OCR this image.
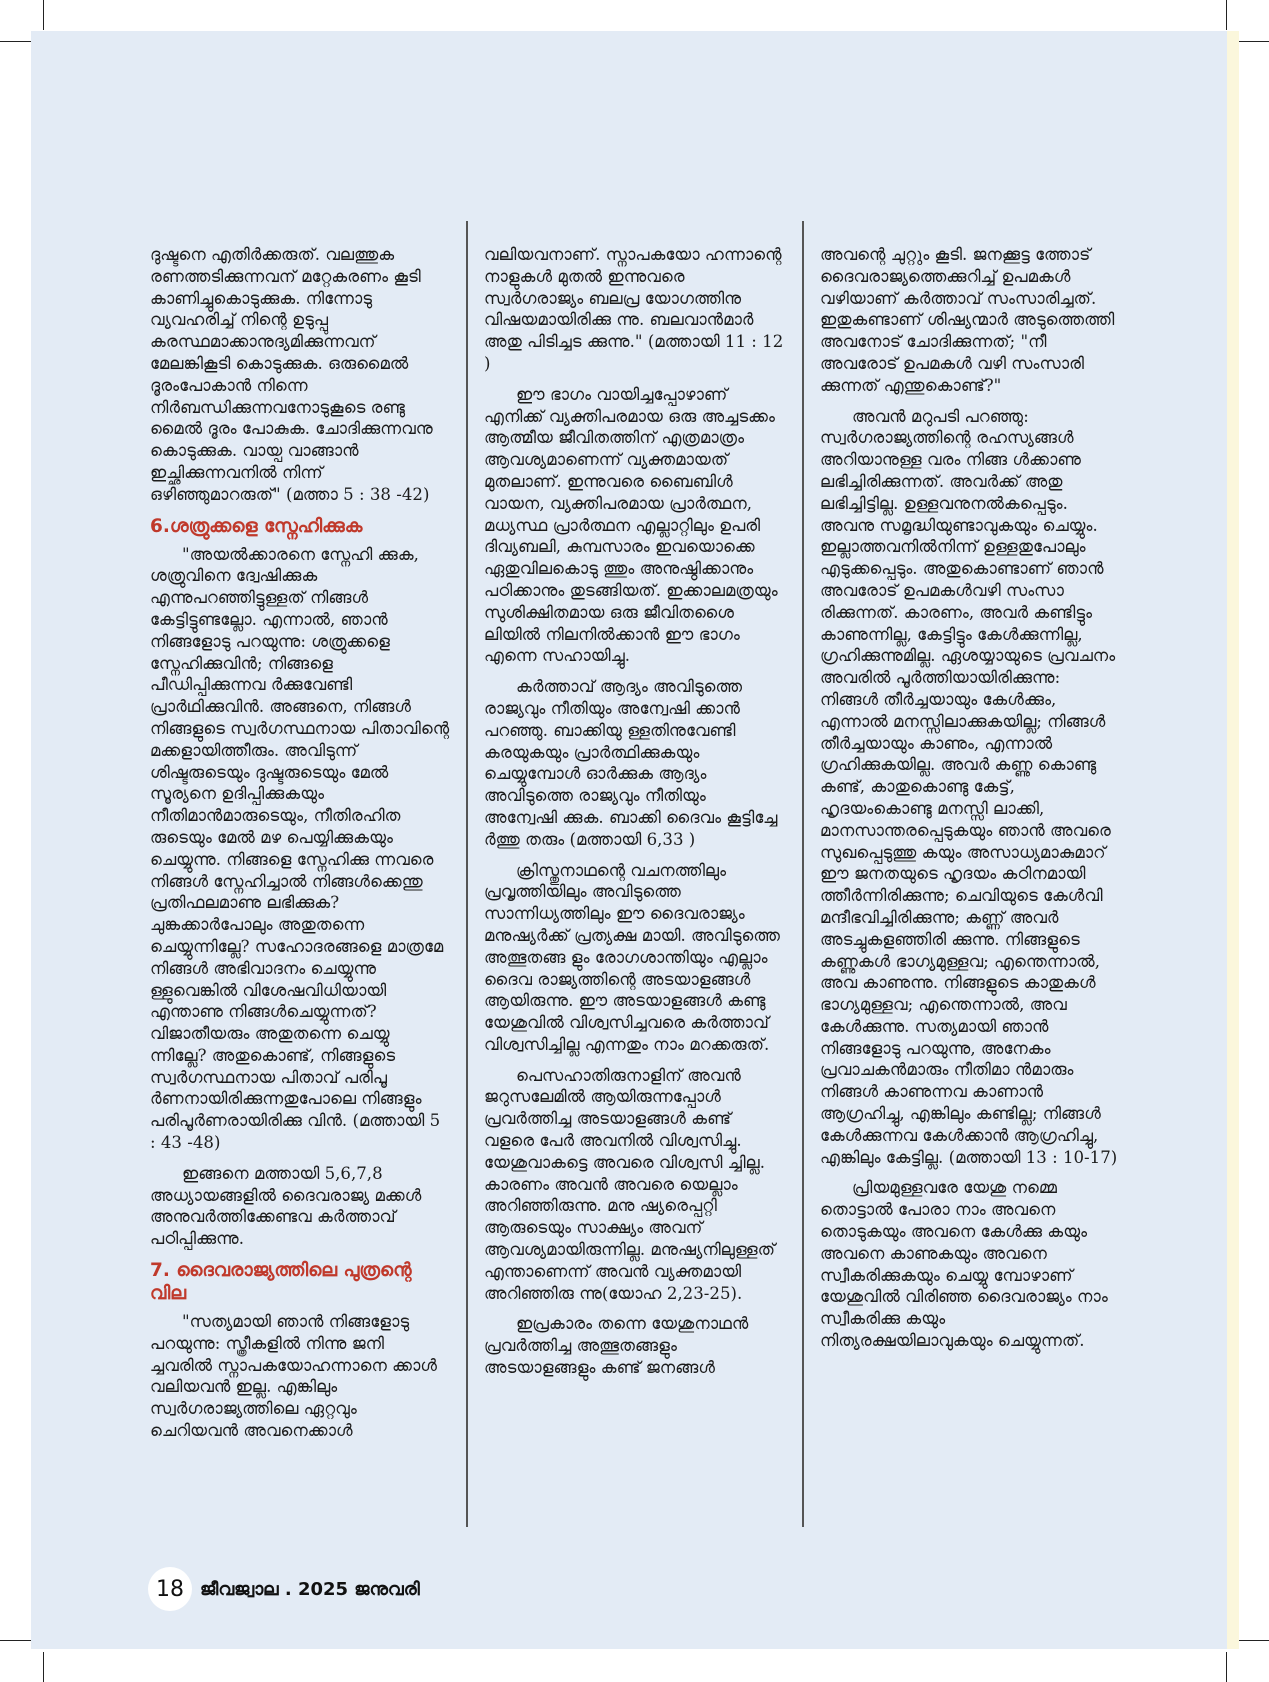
ദുഷ്ടനെ എതിർക്കരുത്. വലത്തുക രണത്തടിക്കുന്നവന് മറ്റേകരണം കൂടി കാണിച്ചുകൊടുക്കുക. നിന്നോടു വ്യവഹരിച്ച് നിന്റെ ഉടുപ്പു കരസ്ഥമാക്കാനുദ്യമിക്കുന്നവന് മേലങ്കികൂടി കൊടുക്കുക. ഒരുമൈൽ ദൂരംപോകാൻ നിന്നെ നിർബന്ധിക്കുന്നവനോടുകൂടെ രണ്ടു മൈൽ ദൂരം പോകുക. ചോദിക്കുന്നവനു കൊടുക്കുക. വായ്പ വാങ്ങാൻ ഇച്ഛിക്കുന്നവനിൽ നിന്ന് ഒഴിഞ്ഞുമാറരുത്" (മത്താ 5 : 38 -42)

6.ശത്രുക്കളെ സ്നേഹിക്കുക

"അയൽക്കാരനെ സ്നേഹി ക്കുക, ശത്രുവിനെ ദ്വേഷിക്കുക എന്നുപറഞ്ഞിട്ടുള്ളത് നിങ്ങൾ കേട്ടിട്ടുണ്ടല്ലോ. എന്നാൽ, ഞാൻ നിങ്ങളോടു പറയുന്നു: ശത്രുക്കളെ സ്നേഹിക്കുവിൻ; നിങ്ങളെ പീഡിപ്പിക്കുന്നവ ർക്കുവേണ്ടി പ്രാർഥിക്കുവിൻ. അങ്ങനെ, നിങ്ങൾ നിങ്ങളുടെ സ്വർഗസ്ഥനായ പിതാവിന്റെ മക്കളായിത്തീരും. അവിടുന്ന് ശിഷ്ടരുടെയും ദുഷ്ടരുടെയും മേൽ സൂര്യനെ ഉദിപ്പിക്കുകയും നീതിമാൻമാരുടെയും, നീതിരഹിത രുടെയും മേൽ മഴ പെയ്യിക്കുകയും ചെയ്യുന്നു. നിങ്ങളെ സ്നേഹിക്കു ന്നവരെ നിങ്ങൾ സ്നേഹിച്ചാൽ നിങ്ങൾക്കെന്തു പ്രതിഫലമാണു ലഭിക്കുക? ചുങ്കക്കാർപോലും അതുതന്നെ ചെയ്യുന്നില്ലേ? സഹോദരങ്ങളെ മാത്രമേ നിങ്ങൾ അഭിവാദനം ചെയ്യുന്നു ള്ളുവെങ്കിൽ വിശേഷവിധിയായി എന്താണു നിങ്ങൾചെയ്യുന്നത്? വിജാതീയരും അതുതന്നെ ചെയ്യു ന്നില്ലേ? അതുകൊണ്ട്, നിങ്ങളുടെ സ്വർഗസ്ഥനായ പിതാവ് പരിപൂ ർണനായിരിക്കുന്നതുപോലെ നിങ്ങളും പരിപൂർണരായിരിക്കു വിൻ. (മത്തായി 5 : 43 -48)

ഇങ്ങനെ മത്തായി 5,6,7,8 അധ്യായങ്ങളിൽ ദൈവരാജ്യ മക്കൾ അനുവർത്തിക്കേണ്ടവ കർത്താവ് പഠിപ്പിക്കുന്നു.

7. ദൈവരാജ്യത്തിലെ പുത്രന്റെ വില

"സത്യമായി ഞാൻ നിങ്ങളോടു പറയുന്നു: സ്ത്രീകളിൽ നിന്നു ജനി ച്ചവരിൽ സ്നാപകയോഹന്നാനെ ക്കാൾ വലിയവൻ ഇല്ല. എങ്കിലും സ്വർഗരാജ്യത്തിലെ ഏറ്റവും ചെറിയവൻ അവനെക്കാൾ

വലിയവനാണ്. സ്നാപകയോ ഹന്നാന്റെ നാളുകൾ മുതൽ ഇന്നുവരെ സ്വർഗരാജ്യം ബലപ്ര യോഗത്തിനു വിഷയമായിരിക്കു ന്നു. ബലവാൻമാർ അതു പിടിച്ചട ക്കുന്നു." (മത്തായി 11 : 12 )

ഈ ഭാഗം വായിച്ചപ്പോഴാണ് എനിക്ക് വ്യക്തിപരമായ ഒരു അച്ചടക്കം ആത്മീയ ജീവിതത്തിന് എത്രമാത്രം ആവശ്യമാണെന്ന് വ്യക്തമായത് മുതലാണ്. ഇന്നുവരെ ബൈബിൾ വായന, വ്യക്തിപരമായ പ്രാർത്ഥന, മധ്യസ്ഥ പ്രാർത്ഥന എല്ലാറ്റിലും ഉപരി ദിവ്യബലി, കുമ്പസാരം ഇവയൊക്കെ ഏതുവിലകൊടു ത്തും അനുഷ്ഠിക്കാനും പഠിക്കാനും തുടങ്ങിയത്. ഇക്കാലമത്രയും സുശിക്ഷിതമായ ഒരു ജീവിതശൈ ലിയിൽ നിലനിൽക്കാൻ ഈ ഭാഗം എന്നെ സഹായിച്ചു.

കർത്താവ് ആദ്യം അവിടുത്തെ രാജ്യവും നീതിയും അന്വേഷി ക്കാൻ പറഞ്ഞു. ബാക്കിയു ള്ളതിനുവേണ്ടി കരയുകയും പ്രാർത്ഥിക്കുകയും ചെയ്യുമ്പോൾ ഓർക്കുക ആദ്യം അവിടുത്തെ രാജ്യവും നീതിയും അന്വേഷി ക്കുക. ബാക്കി ദൈവം കൂട്ടിച്ചേ ർത്തു തരും (മത്തായി 6,33 )

ക്രിസ്തുനാഥന്റെ വചനത്തിലും പ്രവൃത്തിയിലും അവിടുത്തെ സാന്നിധ്യത്തിലും ഈ ദൈവരാജ്യം മനുഷ്യർക്ക് പ്രത്യക്ഷ മായി. അവിടുത്തെ അത്ഭുതങ്ങ ളും രോഗശാന്തിയും എല്ലാം ദൈവ രാജ്യത്തിന്റെ അടയാളങ്ങൾ ആയിരുന്നു. ഈ അടയാളങ്ങൾ കണ്ടു യേശുവിൽ വിശ്വസിച്ചവരെ കർത്താവ് വിശ്വസിച്ചില്ല എന്നതും നാം മറക്കരുത്.

പെസഹാതിരുനാളിന് അവൻ ജറുസലേമിൽ ആയിരുന്നപ്പോൾ പ്രവർത്തിച്ച അടയാളങ്ങൾ കണ്ട് വളരെ പേർ അവനിൽ വിശ്വസിച്ചു. യേശുവാകട്ടെ അവരെ വിശ്വസി ച്ചില്ല. കാരണം അവൻ അവരെ യെല്ലാം അറിഞ്ഞിരുന്നു. മനു ഷ്യരെപ്പറ്റി ആരുടെയും സാക്ഷ്യം അവന് ആവശ്യമായിരുന്നില്ല. മനുഷ്യനിലുള്ളത് എന്താണെന്ന് അവൻ വ്യക്തമായി അറിഞ്ഞിരു ന്നു(യോഹ 2,23-25).

ഇപ്രകാരം തന്നെ യേശുനാഥൻ പ്രവർത്തിച്ച അത്ഭുതങ്ങളും അടയാളങ്ങളും കണ്ട് ജനങ്ങൾ

അവന്റെ ചുറ്റും കൂടി. ജനക്കൂട്ട ത്തോട് ദൈവരാജ്യത്തെക്കുറിച്ച് ഉപമകൾ വഴിയാണ് കർത്താവ് സംസാരിച്ചത്. ഇതുകണ്ടാണ് ശിഷ്യന്മാർ അടുത്തെത്തി അവനോട് ചോദിക്കുന്നത്; "നീ അവരോട് ഉപമകൾ വഴി സംസാരി ക്കുന്നത് എന്തുകൊണ്ട്?"

അവൻ മറുപടി പറഞ്ഞു: സ്വർഗരാജ്യത്തിന്റെ രഹസ്യങ്ങൾ അറിയാനുള്ള വരം നിങ്ങ ൾക്കാണു ലഭിച്ചിരിക്കുന്നത്. അവർക്ക് അതു ലഭിച്ചിട്ടില്ല. ഉള്ളവനുനൽകപ്പെടും. അവനു സമൃദ്ധിയുണ്ടാവുകയും ചെയ്യും. ഇല്ലാത്തവനിൽനിന്ന് ഉള്ളതുപോലും എടുക്കപ്പെടും. അതുകൊണ്ടാണ് ഞാൻ അവരോട് ഉപമകൾവഴി സംസാ രിക്കുന്നത്. കാരണം, അവർ കണ്ടിട്ടും കാണുന്നില്ല, കേട്ടിട്ടും കേൾക്കുന്നില്ല, ഗ്രഹിക്കുന്നുമില്ല. ഏശയ്യായുടെ പ്രവചനം അവരിൽ പൂർത്തിയായിരിക്കുന്നു: നിങ്ങൾ തീർച്ചയായും കേൾക്കും, എന്നാൽ മനസ്സിലാക്കുകയില്ല; നിങ്ങൾ തീർച്ചയായും കാണും, എന്നാൽ ഗ്രഹിക്കുകയില്ല. അവർ കണ്ണു കൊണ്ടു കണ്ട്, കാതുകൊണ്ടു കേട്ട്, ഹൃദയംകൊണ്ടു മനസ്സി ലാക്കി, മാനസാന്തരപ്പെടുകയും ഞാൻ അവരെ സുഖപ്പെടുത്തു കയും അസാധ്യമാകുമാറ് ഈ ജനതയുടെ ഹൃദയം കഠിനമായി ത്തീർന്നിരിക്കുന്നു; ചെവിയുടെ കേൾവി മന്ദീഭവിച്ചിരിക്കുന്നു; കണ്ണ് അവർ അടച്ചുകളഞ്ഞിരി ക്കുന്നു. നിങ്ങളുടെ കണ്ണുകൾ ഭാഗ്യമുള്ളവ; എന്തെന്നാൽ, അവ കാണുന്നു. നിങ്ങളുടെ കാതുകൾ ഭാഗ്യമുള്ളവ; എന്തെന്നാൽ, അവ കേൾക്കുന്നു. സത്യമായി ഞാൻ നിങ്ങളോടു പറയുന്നു, അനേകം പ്രവാചകൻമാരും നീതിമാ ൻമാരും നിങ്ങൾ കാണുന്നവ കാണാൻ ആഗ്രഹിച്ചു, എങ്കിലും കണ്ടില്ല; നിങ്ങൾ കേൾക്കുന്നവ കേൾക്കാൻ ആഗ്രഹിച്ചു, എങ്കിലും കേട്ടില്ല. (മത്തായി 13 : 10-17)

പ്രിയമുള്ളവരേ യേശു നമ്മെ തൊട്ടാൽ പോരാ നാം അവനെ തൊടുകയും അവനെ കേൾക്കു കയും അവനെ കാണുകയും അവനെ സ്വീകരിക്കുകയും ചെയ്യു മ്പോഴാണ് യേശുവിൽ വിരിഞ്ഞ ദൈവരാജ്യം നാം സ്വീകരിക്കു കയും നിത്യരക്ഷയിലാവുകയും ചെയ്യുന്നത്.

18 ജീവജ്വാല . 2025 ജനുവരി
